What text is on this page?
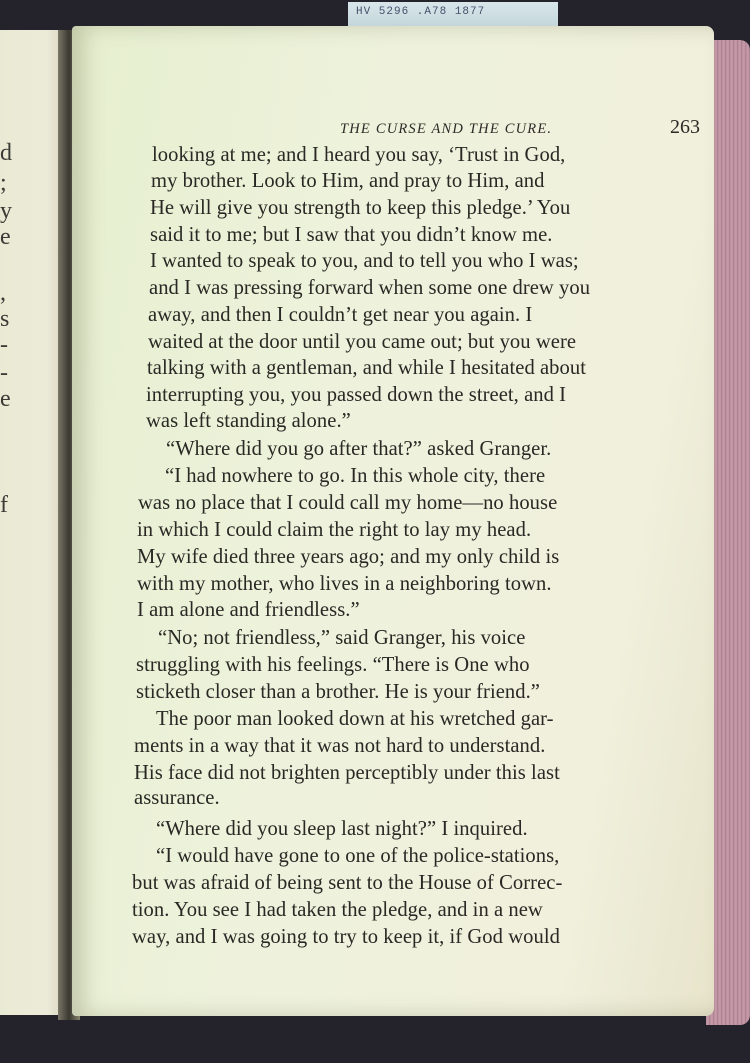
HV 5296 .A78 1877
d
;
y
e
,
s
-
-
e
f
THE CURSE AND THE CURE.	263
looking at me; and I heard you say, ‘Trust in God,
my brother. Look to Him, and pray to Him, and
He will give you strength to keep this pledge.’ You
said it to me; but I saw that you didn’t know me.
I wanted to speak to you, and to tell you who I was;
and I was pressing forward when some one drew you
away, and then I couldn’t get near you again. I
waited at the door until you came out; but you were
talking with a gentleman, and while I hesitated about
interrupting you, you passed down the street, and I
was left standing alone.”
“Where did you go after that?” asked Granger.
“I had nowhere to go. In this whole city, there
was no place that I could call my home—no house
in which I could claim the right to lay my head.
My wife died three years ago; and my only child is
with my mother, who lives in a neighboring town.
I am alone and friendless.”
“No; not friendless,” said Granger, his voice
struggling with his feelings. “There is One who
sticketh closer than a brother. He is your friend.”
The poor man looked down at his wretched gar-
ments in a way that it was not hard to understand.
His face did not brighten perceptibly under this last
assurance.
“Where did you sleep last night?” I inquired.
“I would have gone to one of the police-stations,
but was afraid of being sent to the House of Correc-
tion. You see I had taken the pledge, and in a new
way, and I was going to try to keep it, if God would
